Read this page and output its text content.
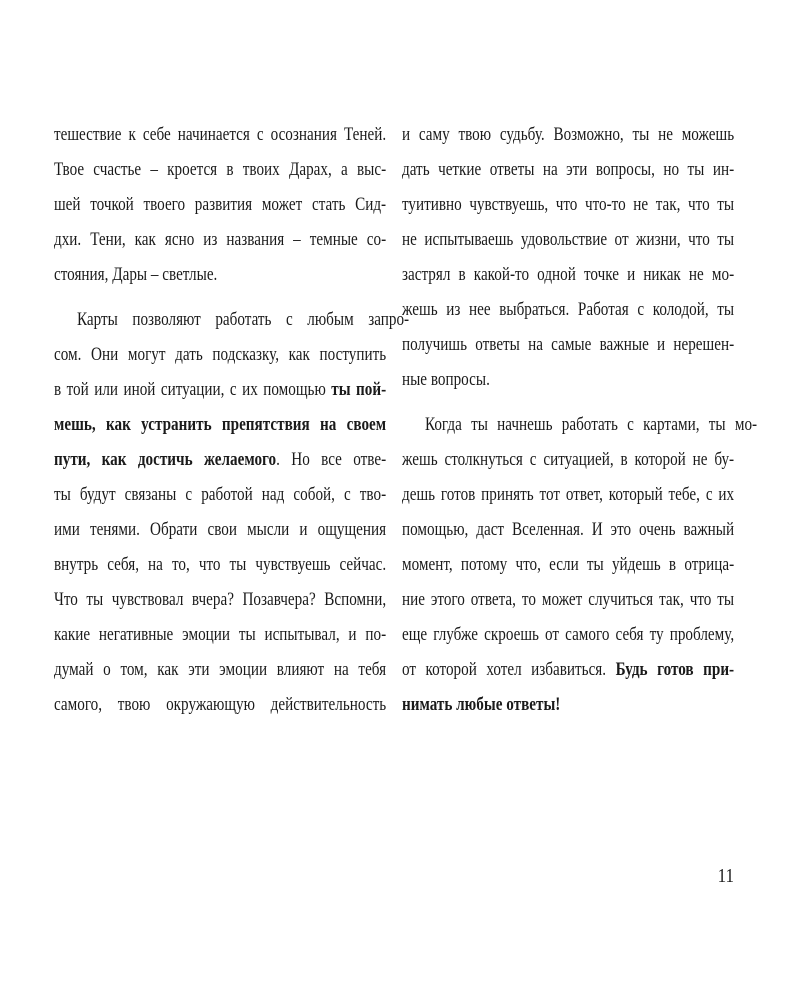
тешествие к себе начинается с осознания Теней.
Твое счастье – кроется в твоих Дарах, а выс-
шей точкой твоего развития может стать Сид-
дхи. Тени, как ясно из названия – темные со-
стояния, Дары – светлые.
Карты позволяют работать с любым запро-
сом. Они могут дать подсказку, как поступить
в той или иной ситуации, с их помощью ты пой-
мешь, как устранить препятствия на своем
пути, как достичь желаемого. Но все отве-
ты будут связаны с работой над собой, с тво-
ими тенями. Обрати свои мысли и ощущения
внутрь себя, на то, что ты чувствуешь сейчас.
Что ты чувствовал вчера? Позавчера? Вспомни,
какие негативные эмоции ты испытывал, и по-
думай о том, как эти эмоции влияют на тебя
самого, твою окружающую действительность
и саму твою судьбу. Возможно, ты не можешь
дать четкие ответы на эти вопросы, но ты ин-
туитивно чувствуешь, что что-то не так, что ты
не испытываешь удовольствие от жизни, что ты
застрял в какой-то одной точке и никак не мо-
жешь из нее выбраться. Работая с колодой, ты
получишь ответы на самые важные и нерешен-
ные вопросы.
Когда ты начнешь работать с картами, ты мо-
жешь столкнуться с ситуацией, в которой не бу-
дешь готов принять тот ответ, который тебе, с их
помощью, даст Вселенная. И это очень важный
момент, потому что, если ты уйдешь в отрица-
ние этого ответа, то может случиться так, что ты
еще глубже скроешь от самого себя ту проблему,
от которой хотел избавиться. Будь готов при-
нимать любые ответы!
11
